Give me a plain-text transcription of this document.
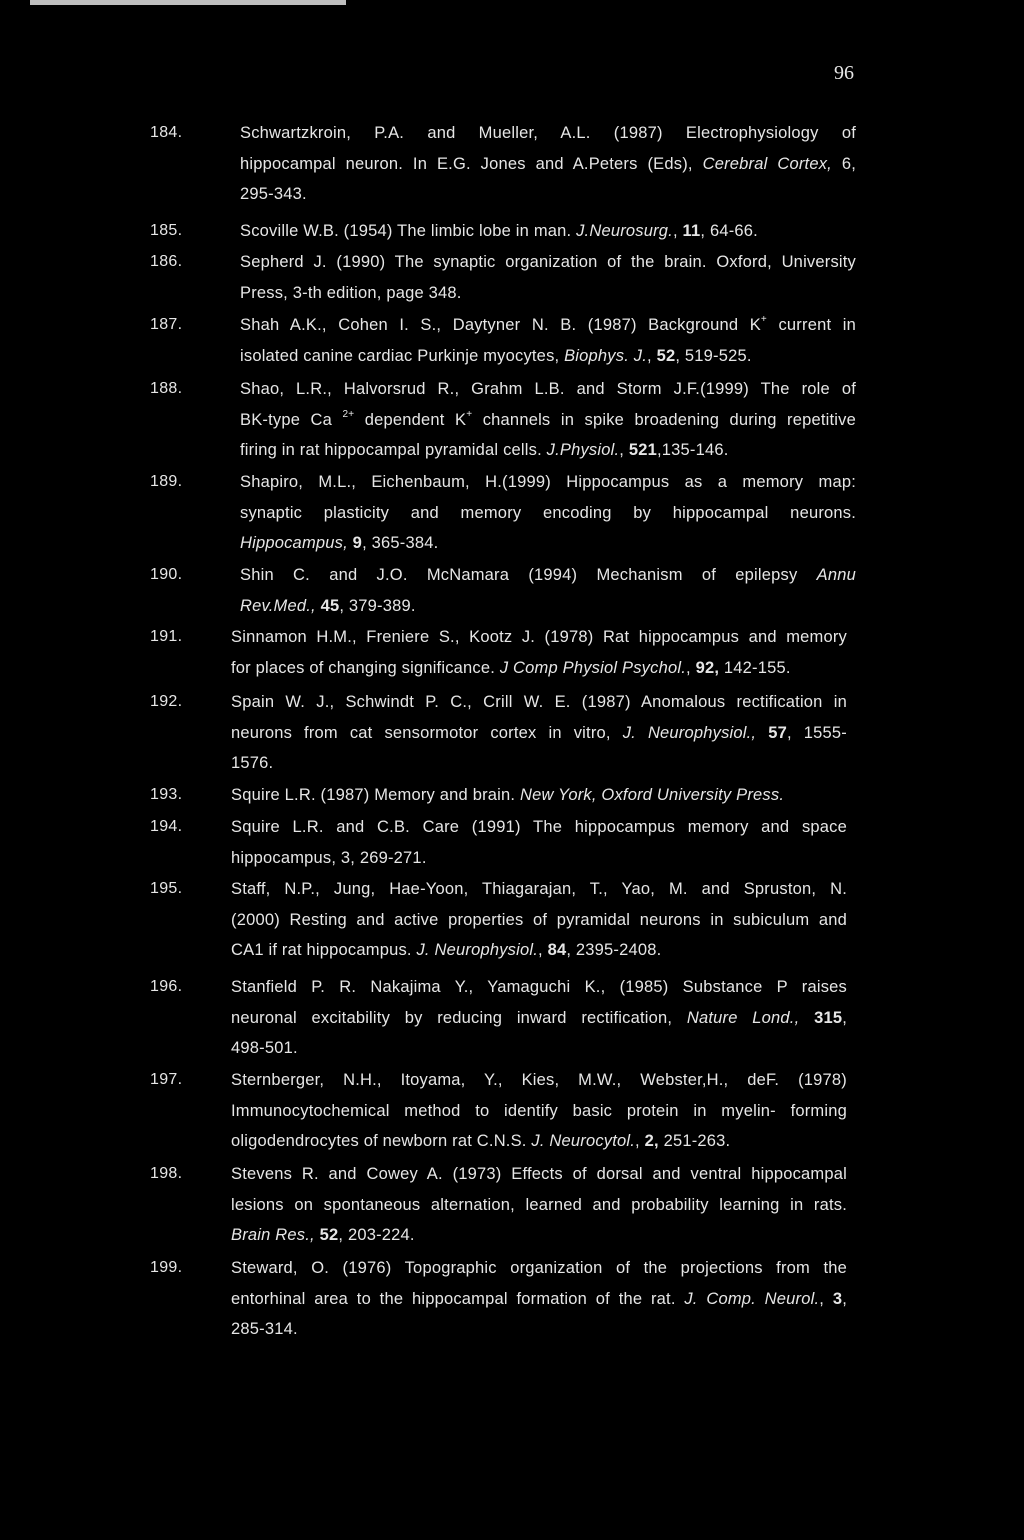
96
184.	Schwartzkroin, P.A. and Mueller, A.L. (1987) Electrophysiology of
hippocampal neuron. In E.G. Jones and A.Peters (Eds), Cerebral Cortex, 6,
295-343.
185.	Scoville W.B. (1954) The limbic lobe in man. J.Neurosurg., 11, 64-66.
186.	Sepherd J. (1990) The synaptic organization of the brain. Oxford, University
Press, 3-th edition, page 348.
187.	Shah A.K., Cohen I. S., Daytyner N. B. (1987) Background K+ current in
isolated canine cardiac Purkinje myocytes, Biophys. J., 52, 519-525.
188.	Shao, L.R., Halvorsrud R., Grahm L.B. and Storm J.F.(1999) The role of
BK-type Ca $^{2+}$ dependent K+ channels in spike broadening during repetitive
firing in rat hippocampal pyramidal cells. J.Physiol., 521,135-146.
189.	Shapiro, M.L., Eichenbaum, H.(1999) Hippocampus as a memory map:
synaptic plasticity and memory encoding by hippocampal neurons.
Hippocampus, 9, 365-384.
190.	Shin C. and J.O. McNamara (1994) Mechanism of epilepsy Annu
Rev.Med., 45, 379-389.
191.	Sinnamon H.M., Freniere S., Kootz J. (1978) Rat hippocampus and memory
for places of changing significance. J Comp Physiol Psychol., 92, 142-155.
192.	Spain W. J., Schwindt P. C., Crill W. E. (1987) Anomalous rectification in
neurons from cat sensormotor cortex in vitro, J. Neurophysiol., 57, 1555-
1576.
193.	Squire L.R. (1987) Memory and brain. New York, Oxford University Press.
194.	Squire L.R. and C.B. Care (1991) The hippocampus memory and space
hippocampus, 3, 269-271.
195.	Staff, N.P., Jung, Hae-Yoon, Thiagarajan, T., Yao, M. and Spruston, N.
(2000) Resting and active properties of pyramidal neurons in subiculum and
CA1 if rat hippocampus. J. Neurophysiol., 84, 2395-2408.
196.	Stanfield P. R. Nakajima Y., Yamaguchi K., (1985) Substance P raises
neuronal excitability by reducing inward rectification, Nature Lond., 315,
498-501.
197.	Sternberger, N.H., Itoyama, Y., Kies, M.W., Webster,H., deF. (1978)
Immunocytochemical method to identify basic protein in myelin- forming
oligodendrocytes of newborn rat C.N.S. J. Neurocytol., 2, 251-263.
198.	Stevens R. and Cowey A. (1973) Effects of dorsal and ventral hippocampal
lesions on spontaneous alternation, learned and probability learning in rats.
Brain Res., 52, 203-224.
199.	Steward, O. (1976) Topographic organization of the projections from the
entorhinal area to the hippocampal formation of the rat. J. Comp. Neurol., 3,
285-314.
